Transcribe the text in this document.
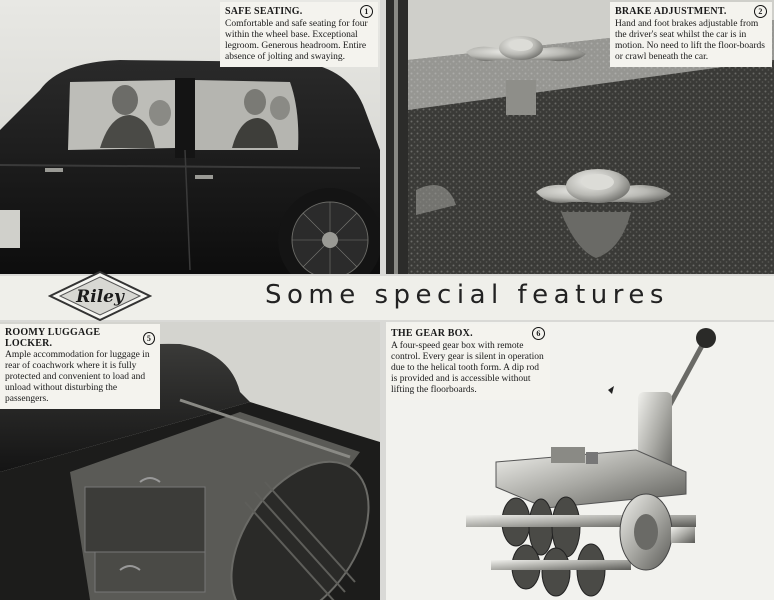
SAFE SEATING.	1
Comfortable and safe seating for four within the wheel base. Exceptional legroom. Generous headroom. Entire absence of jolting and swaying.
BRAKE ADJUSTMENT.	2
Hand and foot brakes adjustable from the driver's seat whilst the car is in motion. No need to lift the floor-boards or crawl beneath the car.
Riley	Some special features
ROOMY LUGGAGE LOCKER.	5
Ample accommodation for luggage in rear of coachwork where it is fully protected and convenient to load and unload without disturbing the passengers.
THE GEAR BOX.	6
A four-speed gear box with remote control. Every gear is silent in operation due to the helical tooth form. A dip rod is provided and is accessible without lifting the floorboards.
